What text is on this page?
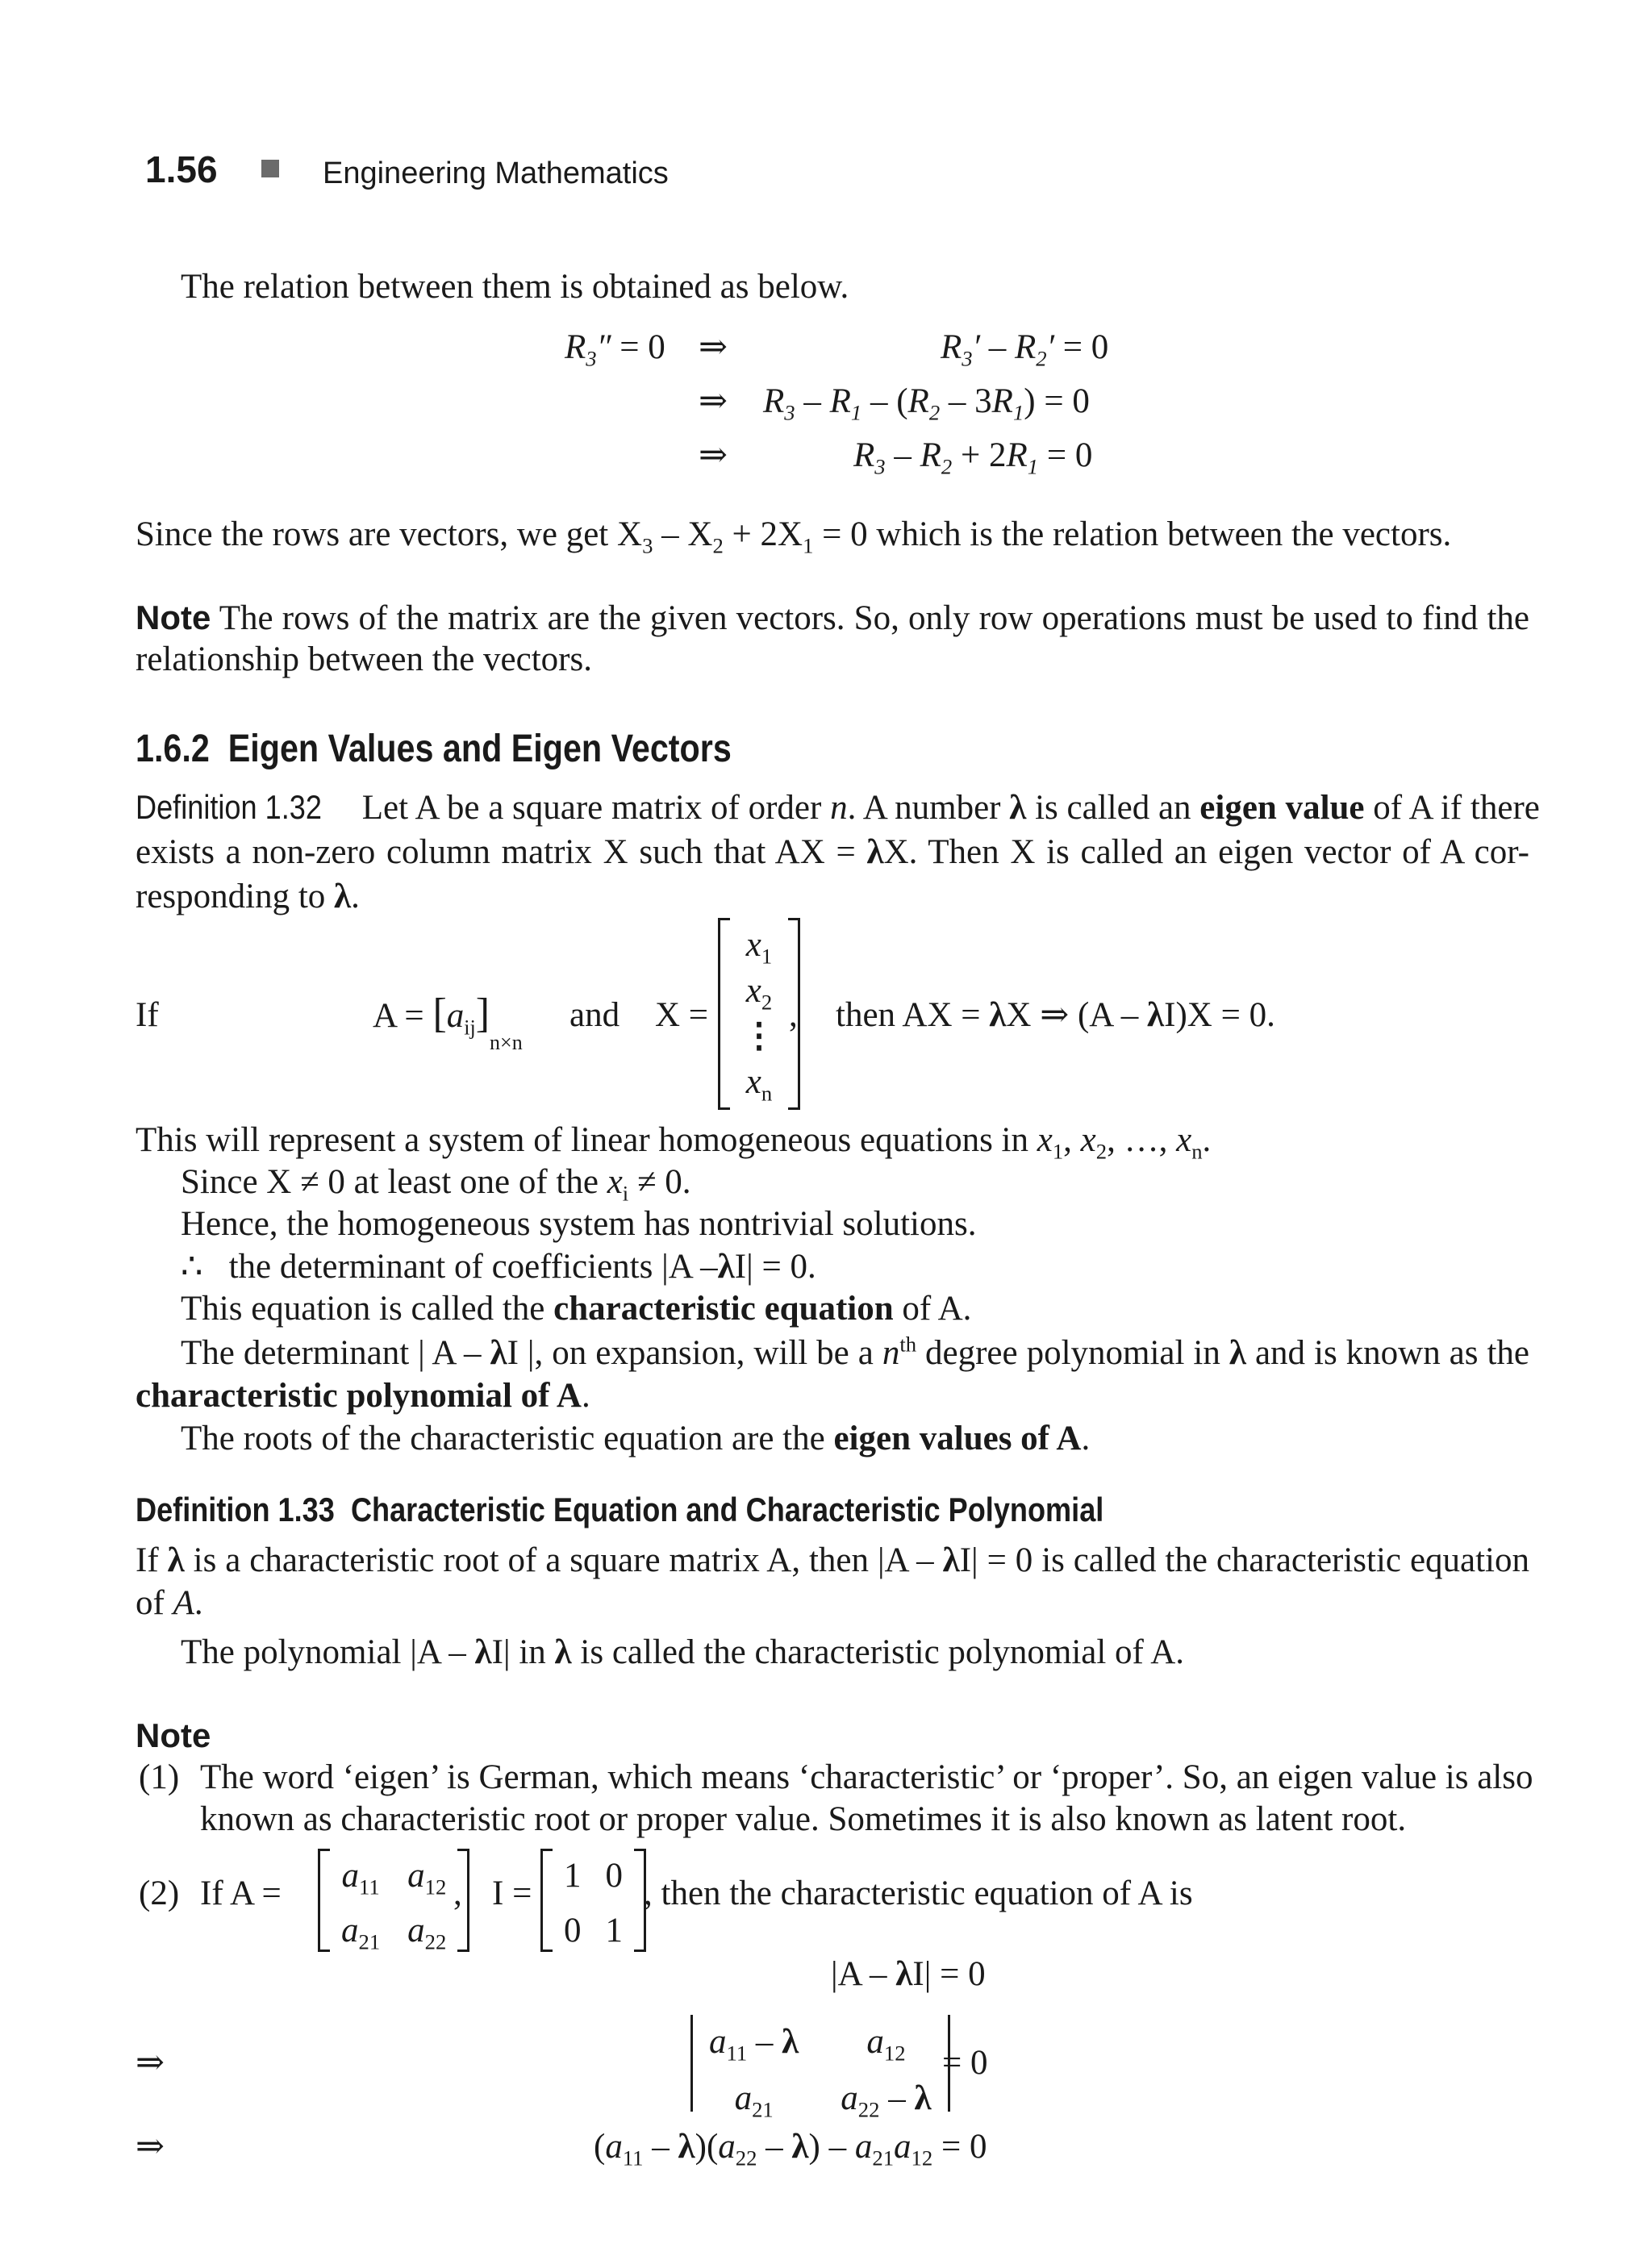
1.56	Engineering Mathematics
The relation between them is obtained as below.
$R_3'' = 0$ ⇒	$R_3' - R_2' = 0$
⇒ $R_3 - R_1 - (R_2 - 3R_1) = 0$
⇒	$R_3 - R_2 + 2R_1 = 0$
Since the rows are vectors, we get $X_3 - X_2 + 2X_1 = 0$ which is the relation between the vectors.
Note The rows of the matrix are the given vectors. So, only row operations must be used to find the
relationship between the vectors.
1.6.2 Eigen Values and Eigen Vectors
Definition 1.32 Let A be a square matrix of order n. A number λ is called an eigen value of A if there
exists a non-zero column matrix X such that AX = λX. Then X is called an eigen vector of A cor-
responding to λ.
If	$A = [a_{ij}]_{n\times n}$
and X =
$x_1$
$x_2$
⋮
$x_n$
, then AX = λX ⇒ (A – λI)X = 0.
This will represent a system of linear homogeneous equations in $x_1$, $x_2$, …, $x_n$.
Since X ≠ 0 at least one of the $x_i \ne 0$.
Hence, the homogeneous system has nontrivial solutions.
∴ the determinant of coefficients |A –λI| = 0.
This equation is called the characteristic equation of A.
The determinant | A – λI |, on expansion, will be a $n^{th}$ degree polynomial in λ and is known as the
characteristic polynomial of A.
The roots of the characteristic equation are the eigen values of A.
Definition 1.33 Characteristic Equation and Characteristic Polynomial
If λ is a characteristic root of a square matrix A, then |A – λI| = 0 is called the characteristic equation
of A.
The polynomial |A – λI| in λ is called the characteristic polynomial of A.
Note
(1) The word ‘eigen’ is German, which means ‘characteristic’ or ‘proper’. So, an eigen value is also
known as characteristic root or proper value. Sometimes it is also known as latent root.
(2) If $A = a_{11}$ $a_{12}$
$a_{21}$ $a_{22}$
, I = 1 0
0 1
, then the characteristic equation of A is
|A – λI| = 0
⇒
$a_{11}$ – λ	$a_{12}$
$a_{21}$	$a_{22}$ – λ
= 0
⇒	$(a_{11} - \lambda)(a_{22} - \lambda) - a_{21}a_{12} = 0$
